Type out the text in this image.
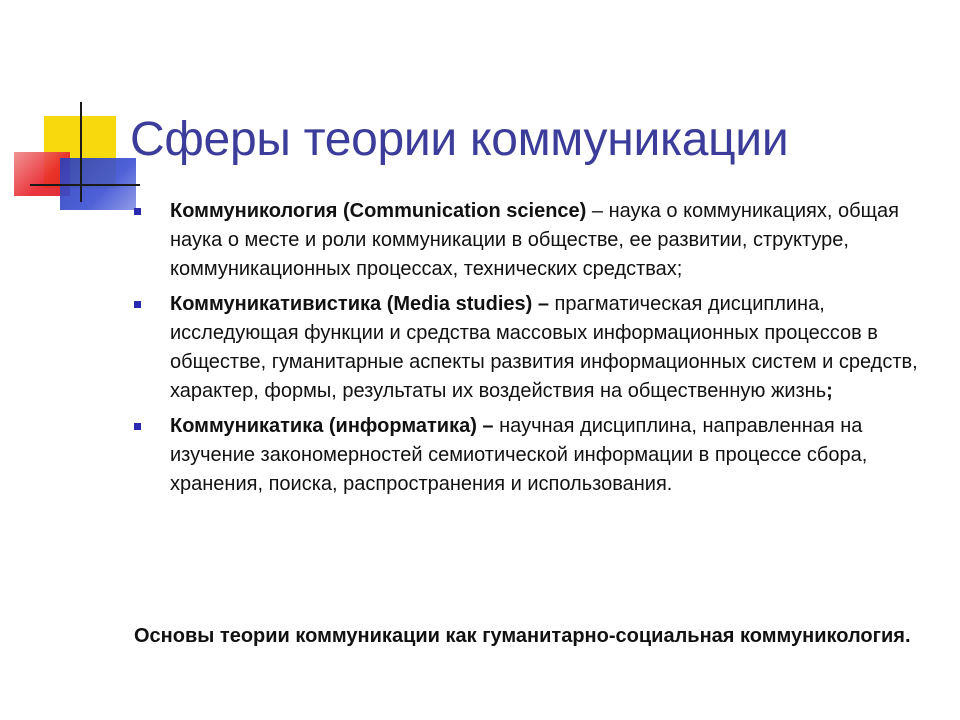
Сферы теории коммуникации
Коммуникология (Communication science) – наука о коммуникациях, общая наука о месте и роли коммуникации в обществе, ее развитии, структуре, коммуникационных процессах, технических средствах;
Коммуникативистика (Media studies) – прагматическая дисциплина, исследующая функции и средства массовых информационных процессов в обществе, гуманитарные аспекты развития информационных систем и средств, характер, формы, результаты их воздействия на общественную жизнь;
Коммуникатика (информатика) – научная дисциплина, направленная на изучение закономерностей семиотической информации в процессе сбора, хранения, поиска, распространения и использования.

Основы теории коммуникации как гуманитарно-социальная коммуникология.
